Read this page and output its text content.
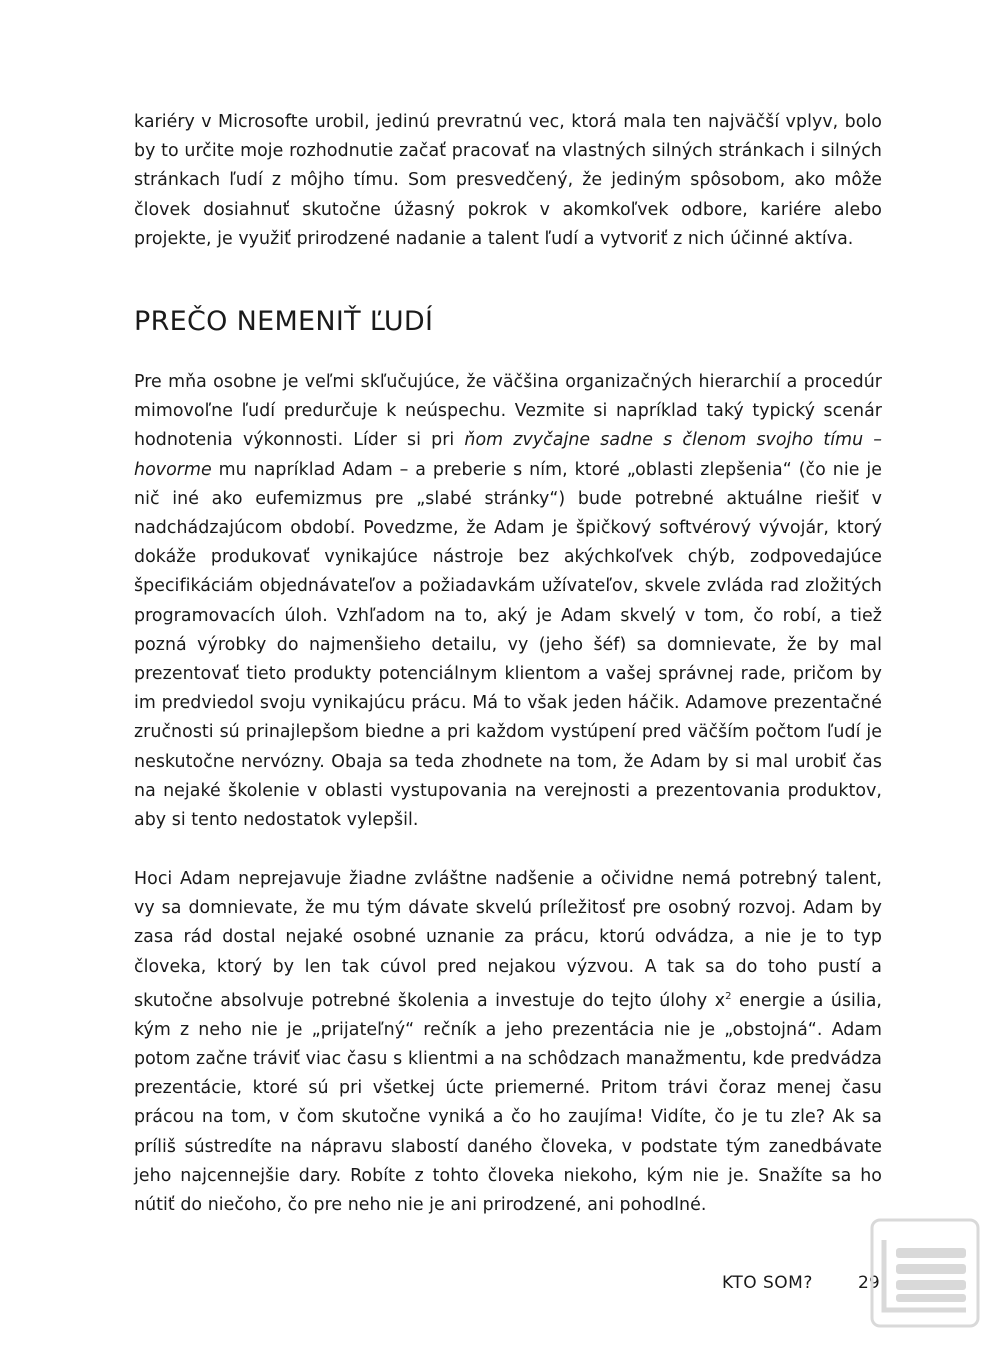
kariéry v Microsofte urobil, jedinú prevratnú vec, ktorá mala ten najväčší vplyv, bolo by to určite moje rozhodnutie začať pracovať na vlastných silných stránkach i silných stránkach ľudí z môjho tímu. Som presvedčený, že jediným spôsobom, ako môže človek dosiahnuť skutočne úžasný pokrok v akomkoľvek odbore, kariére alebo projekte, je využiť prirodzené nadanie a talent ľudí a vytvoriť z nich účinné aktíva.

PREČO NEMENIŤ ĽUDÍ

Pre mňa osobne je veľmi skľučujúce, že väčšina organizačných hierarchií a procedúr mimovoľne ľudí predurčuje k neúspechu. Vezmite si napríklad taký typický scenár hodnotenia výkonnosti. Líder si pri ňom zvyčajne sadne s členom svojho tímu – hovorme mu napríklad Adam – a preberie s ním, ktoré „oblasti zlepšenia“ (čo nie je nič iné ako eufemizmus pre „slabé stránky“) bude potrebné aktuálne riešiť v nadchádzajúcom období. Povedzme, že Adam je špičkový softvérový vývojár, ktorý dokáže produkovať vynikajúce nástroje bez akýchkoľvek chýb, zodpovedajúce špecifikáciám objednávateľov a požiadavkám užívateľov, skvele zvláda rad zložitých programovacích úloh. Vzhľadom na to, aký je Adam skvelý v tom, čo robí, a tiež pozná výrobky do najmenšieho detailu, vy (jeho šéf) sa domnievate, že by mal prezentovať tieto produkty potenciálnym klientom a vašej správnej rade, pričom by im predviedol svoju vynikajúcu prácu. Má to však jeden háčik. Adamove prezentačné zručnosti sú prinajlepšom biedne a pri každom vystúpení pred väčším počtom ľudí je neskutočne nervózny. Obaja sa teda zhodnete na tom, že Adam by si mal urobiť čas na nejaké školenie v oblasti vystupovania na verejnosti a prezentovania produktov, aby si tento nedostatok vylepšil.

Hoci Adam neprejavuje žiadne zvláštne nadšenie a očividne nemá potrebný talent, vy sa domnievate, že mu tým dávate skvelú príležitosť pre osobný rozvoj. Adam by zasa rád dostal nejaké osobné uznanie za prácu, ktorú odvádza, a nie je to typ človeka, ktorý by len tak cúvol pred nejakou výzvou. A tak sa do toho pustí a skutočne absolvuje potrebné školenia a investuje do tejto úlohy $x^2$ energie a úsilia, kým z neho nie je „prijateľný“ rečník a jeho prezentácia nie je „obstojná“. Adam potom začne tráviť viac času s klientmi a na schôdzach manažmentu, kde predvádza prezentácie, ktoré sú pri všetkej úcte priemerné. Pritom trávi čoraz menej času prácou na tom, v čom skutočne vyniká a čo ho zaujíma! Vidíte, čo je tu zle? Ak sa príliš sústredíte na nápravu slabostí daného človeka, v podstate tým zanedbávate jeho najcennejšie dary. Robíte z tohto človeka niekoho, kým nie je. Snažíte sa ho nútiť do niečoho, čo pre neho nie je ani prirodzené, ani pohodlné.

KTO SOM?	29
